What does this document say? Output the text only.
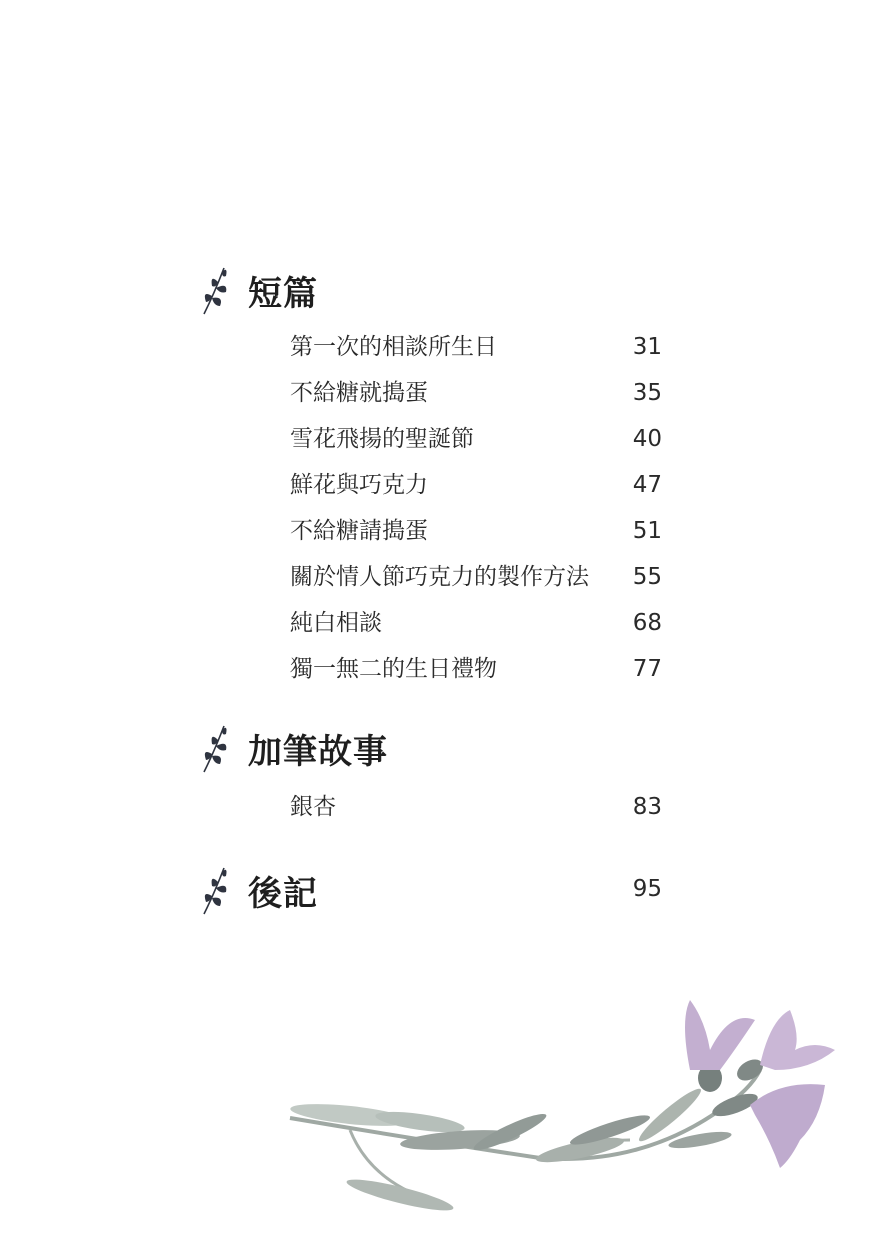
短篇
第一次的相談所生日	31
不給糖就搗蛋	35
雪花飛揚的聖誕節	40
鮮花與巧克力	47
不給糖請搗蛋	51
關於情人節巧克力的製作方法	55
純白相談	68
獨一無二的生日禮物	77
加筆故事
銀杏	83
後記	95
